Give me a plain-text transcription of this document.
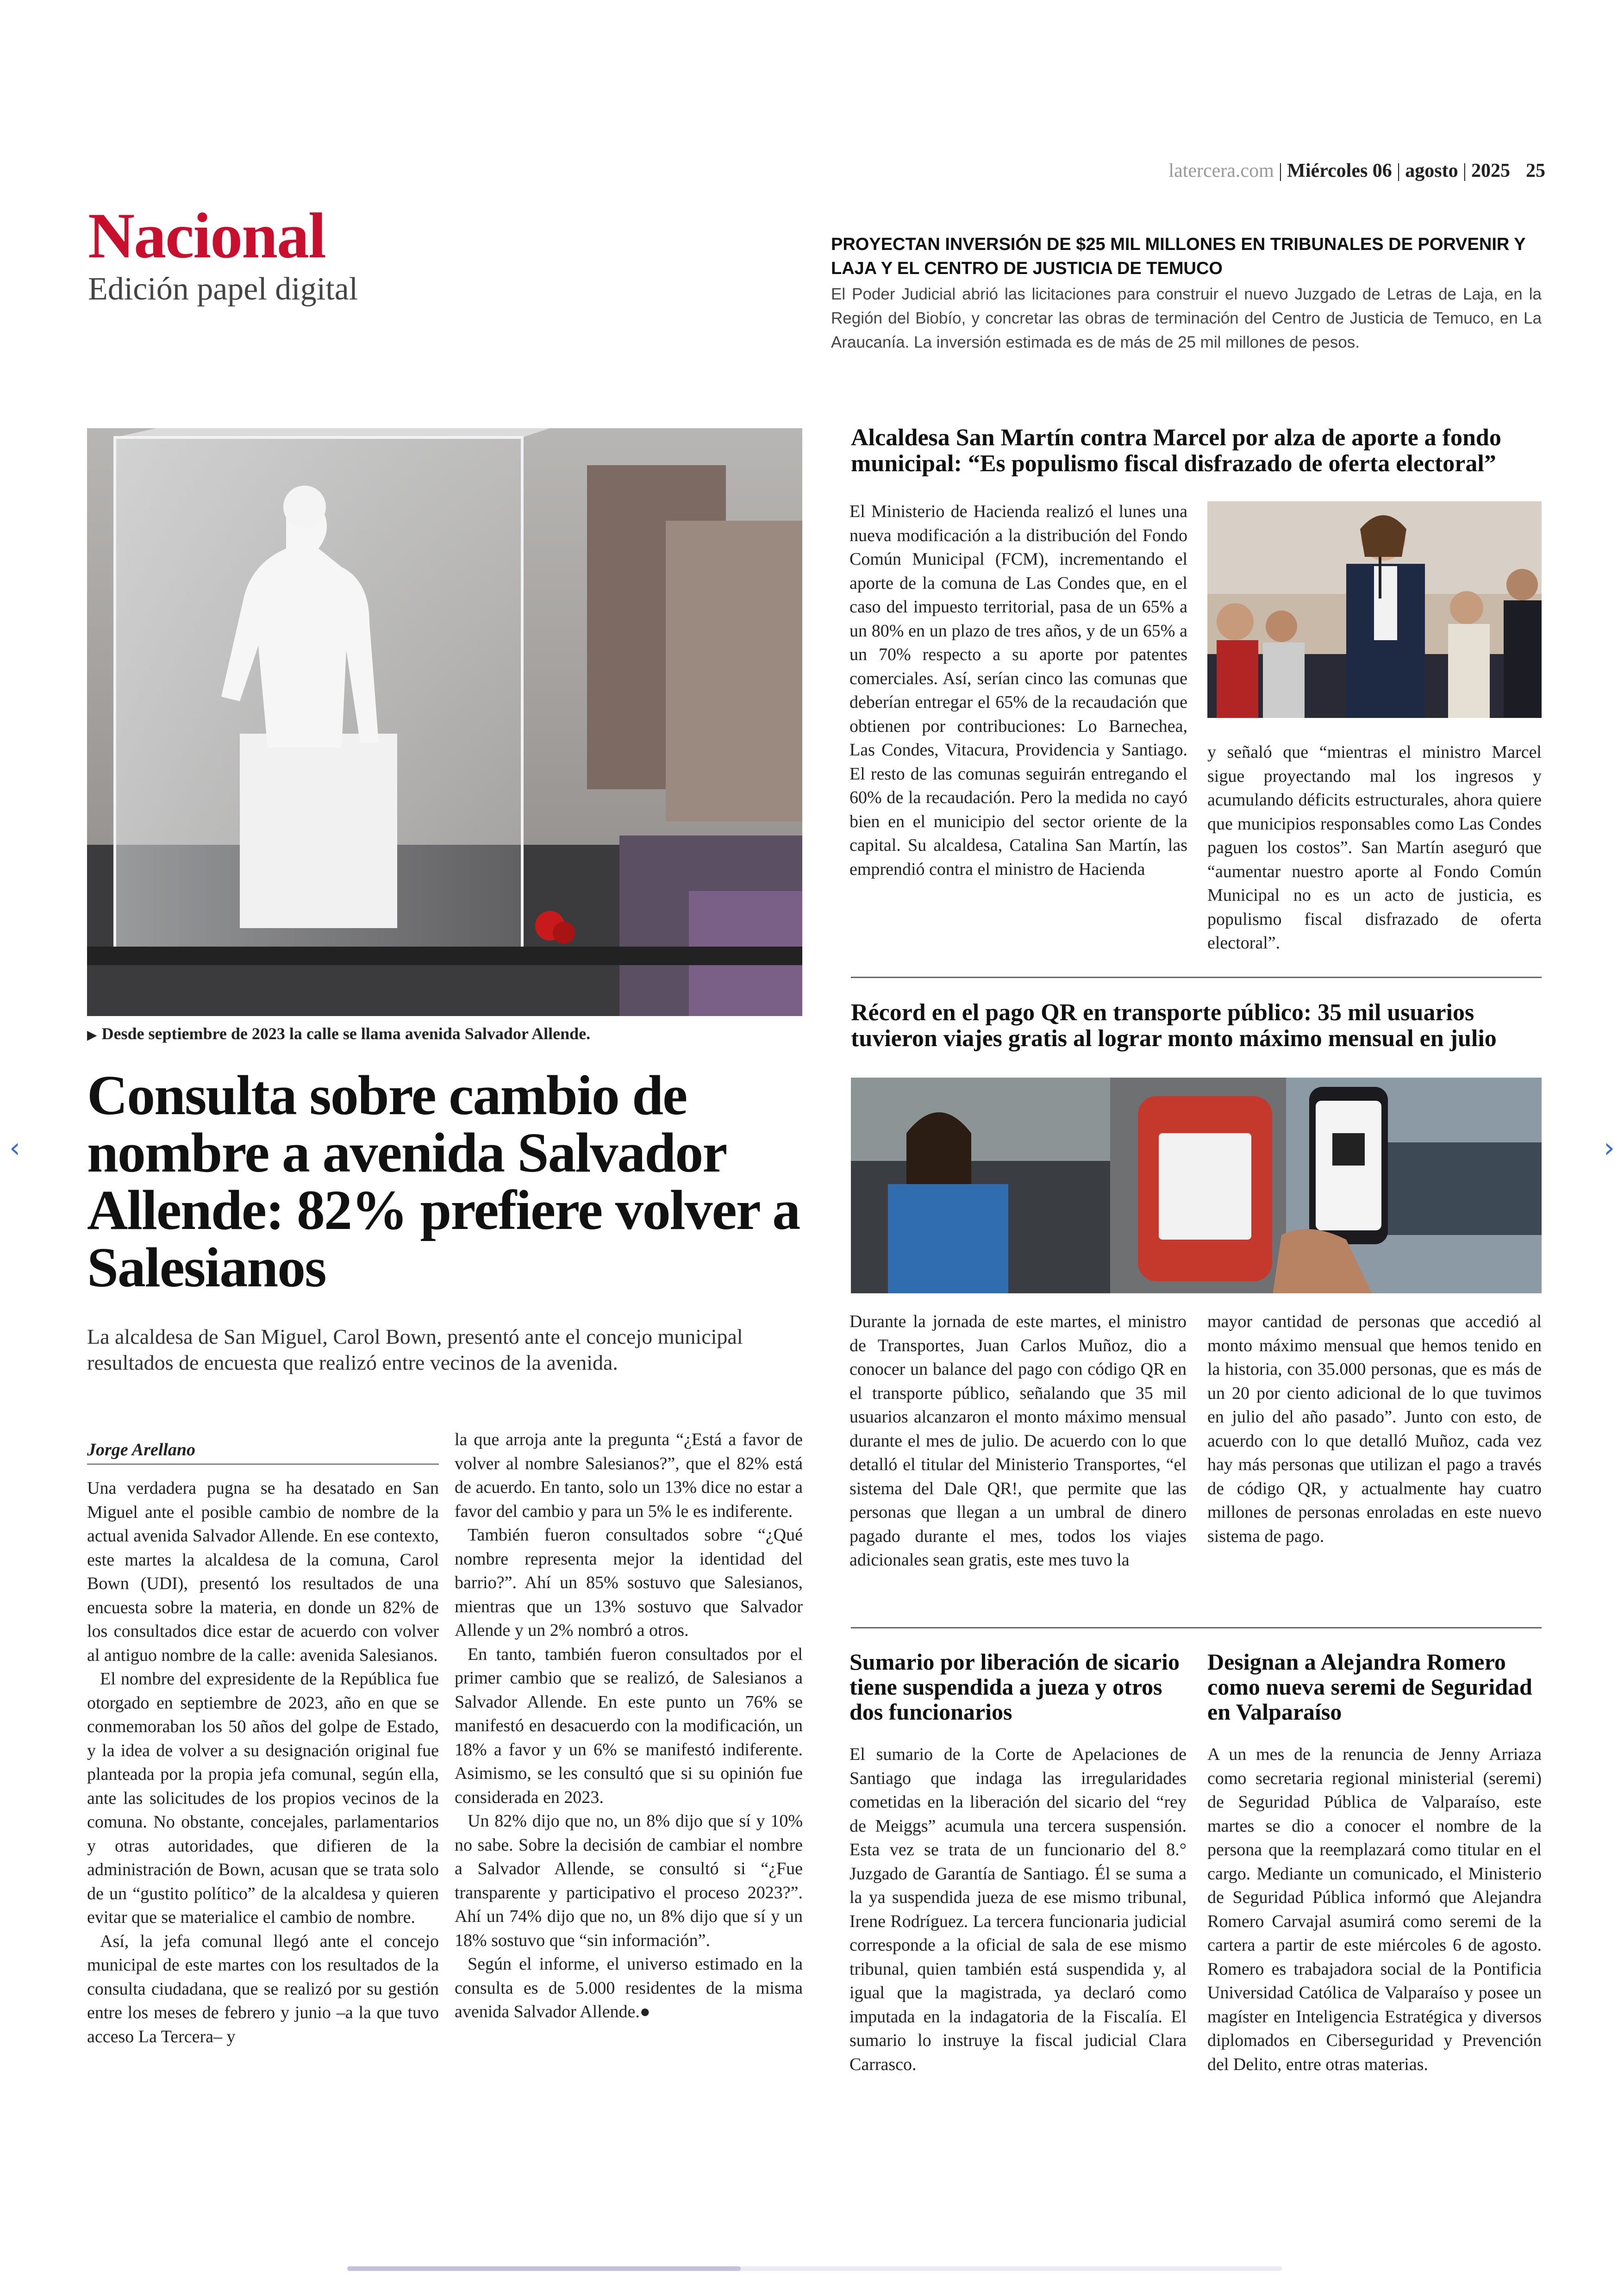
latercera.com | Miércoles 06 | agosto | 2025 25
Nacional
Edición papel digital
PROYECTAN INVERSIÓN DE $25 MIL MILLONES EN TRIBUNALES DE PORVENIR Y LAJA Y EL CENTRO DE JUSTICIA DE TEMUCO
El Poder Judicial abrió las licitaciones para construir el nuevo Juzgado de Letras de Laja, en la Región del Biobío, y concretar las obras de terminación del Centro de Justicia de Temuco, en La Araucanía. La inversión estimada es de más de 25 mil millones de pesos.
▶ Desde septiembre de 2023 la calle se llama avenida Salvador Allende.
Consulta sobre cambio de nombre a avenida Salvador Allende: 82% prefiere volver a Salesianos
La alcaldesa de San Miguel, Carol Bown, presentó ante el concejo municipal resultados de encuesta que realizó entre vecinos de la avenida.
Jorge Arellano

Una verdadera pugna se ha desatado en San Miguel ante el posible cambio de nombre de la actual avenida Salvador Allende. En ese contexto, este martes la alcaldesa de la comuna, Carol Bown (UDI), presentó los resultados de una encuesta sobre la materia, en donde un 82% de los consultados dice estar de acuerdo con volver al antiguo nombre de la calle: avenida Salesianos.

El nombre del expresidente de la República fue otorgado en septiembre de 2023, año en que se conmemoraban los 50 años del golpe de Estado, y la idea de volver a su designación original fue planteada por la propia jefa comunal, según ella, ante las solicitudes de los propios vecinos de la comuna. No obstante, concejales, parlamentarios y otras autoridades, que difieren de la administración de Bown, acusan que se trata solo de un “gustito político” de la alcaldesa y quieren evitar que se materialice el cambio de nombre.

Así, la jefa comunal llegó ante el concejo municipal de este martes con los resultados de la consulta ciudadana, que se realizó por su gestión entre los meses de febrero y junio –a la que tuvo acceso La Tercera– y

la que arroja ante la pregunta “¿Está a favor de volver al nombre Salesianos?”, que el 82% está de acuerdo. En tanto, solo un 13% dice no estar a favor del cambio y para un 5% le es indiferente.

También fueron consultados sobre “¿Qué nombre representa mejor la identidad del barrio?”. Ahí un 85% sostuvo que Salesianos, mientras que un 13% sostuvo que Salvador Allende y un 2% nombró a otros.

En tanto, también fueron consultados por el primer cambio que se realizó, de Salesianos a Salvador Allende. En este punto un 76% se manifestó en desacuerdo con la modificación, un 18% a favor y un 6% se manifestó indiferente. Asimismo, se les consultó que si su opinión fue considerada en 2023.

Un 82% dijo que no, un 8% dijo que sí y 10% no sabe. Sobre la decisión de cambiar el nombre a Salvador Allende, se consultó si “¿Fue transparente y participativo el proceso 2023?”. Ahí un 74% dijo que no, un 8% dijo que sí y un 18% sostuvo que “sin información”.

Según el informe, el universo estimado en la consulta es de 5.000 residentes de la misma avenida Salvador Allende.●

Alcaldesa San Martín contra Marcel por alza de aporte a fondo municipal: “Es populismo fiscal disfrazado de oferta electoral”
El Ministerio de Hacienda realizó el lunes una nueva modificación a la distribución del Fondo Común Municipal (FCM), incrementando el aporte de la comuna de Las Condes que, en el caso del impuesto territorial, pasa de un 65% a un 80% en un plazo de tres años, y de un 65% a un 70% respecto a su aporte por patentes comerciales. Así, serían cinco las comunas que deberían entregar el 65% de la recaudación que obtienen por contribuciones: Lo Barnechea, Las Condes, Vitacura, Providencia y Santiago. El resto de las comunas seguirán entregando el 60% de la recaudación. Pero la medida no cayó bien en el municipio del sector oriente de la capital. Su alcaldesa, Catalina San Martín, las emprendió contra el ministro de Hacienda
y señaló que “mientras el ministro Marcel sigue proyectando mal los ingresos y acumulando déficits estructurales, ahora quiere que municipios responsables como Las Condes paguen los costos”. San Martín aseguró que “aumentar nuestro aporte al Fondo Común Municipal no es un acto de justicia, es populismo fiscal disfrazado de oferta electoral”.
Récord en el pago QR en transporte público: 35 mil usuarios tuvieron viajes gratis al lograr monto máximo mensual en julio
Durante la jornada de este martes, el ministro de Transportes, Juan Carlos Muñoz, dio a conocer un balance del pago con código QR en el transporte público, señalando que 35 mil usuarios alcanzaron el monto máximo mensual durante el mes de julio. De acuerdo con lo que detalló el titular del Ministerio Transportes, “el sistema del Dale QR!, que permite que las personas que llegan a un umbral de dinero pagado durante el mes, todos los viajes adicionales sean gratis, este mes tuvo la
mayor cantidad de personas que accedió al monto máximo mensual que hemos tenido en la historia, con 35.000 personas, que es más de un 20 por ciento adicional de lo que tuvimos en julio del año pasado”. Junto con esto, de acuerdo con lo que detalló Muñoz, cada vez hay más personas que utilizan el pago a través de código QR, y actualmente hay cuatro millones de personas enroladas en este nuevo sistema de pago.
Sumario por liberación de sicario tiene suspendida a jueza y otros dos funcionarios
El sumario de la Corte de Apelaciones de Santiago que indaga las irregularidades cometidas en la liberación del sicario del “rey de Meiggs” acumula una tercera suspensión. Esta vez se trata de un funcionario del 8.° Juzgado de Garantía de Santiago. Él se suma a la ya suspendida jueza de ese mismo tribunal, Irene Rodríguez. La tercera funcionaria judicial corresponde a la oficial de sala de ese mismo tribunal, quien también está suspendida y, al igual que la magistrada, ya declaró como imputada en la indagatoria de la Fiscalía. El sumario lo instruye la fiscal judicial Clara Carrasco.
Designan a Alejandra Romero como nueva seremi de Seguridad en Valparaíso
A un mes de la renuncia de Jenny Arriaza como secretaria regional ministerial (seremi) de Seguridad Pública de Valparaíso, este martes se dio a conocer el nombre de la persona que la reemplazará como titular en el cargo. Mediante un comunicado, el Ministerio de Seguridad Pública informó que Alejandra Romero Carvajal asumirá como seremi de la cartera a partir de este miércoles 6 de agosto. Romero es trabajadora social de la Pontificia Universidad Católica de Valparaíso y posee un magíster en Inteligencia Estratégica y diversos diplomados en Ciberseguridad y Prevención del Delito, entre otras materias.
‹	›
